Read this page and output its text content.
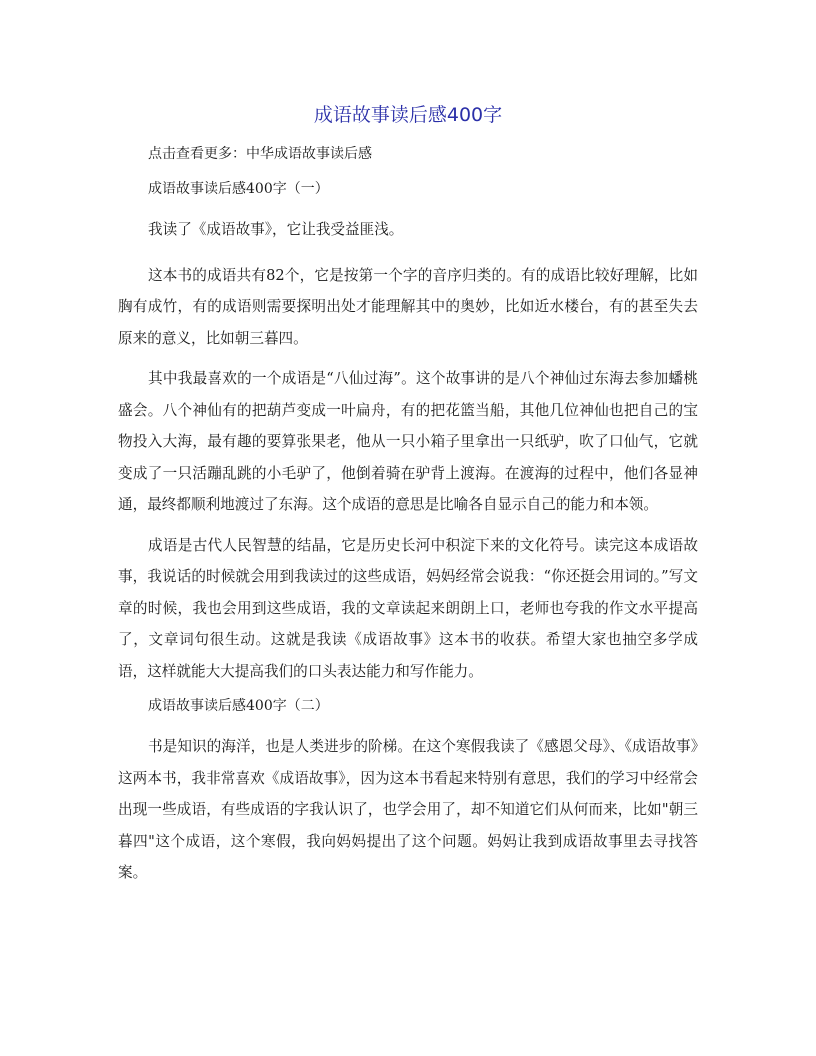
成语故事读后感400字
点击查看更多：中华成语故事读后感
成语故事读后感400字（一）

我读了《成语故事》，它让我受益匪浅。

这本书的成语共有82个，它是按第一个字的音序归类的。有的成语比较好理解，比如胸有成竹，有的成语则需要探明出处才能理解其中的奥妙，比如近水楼台，有的甚至失去原来的意义，比如朝三暮四。

其中我最喜欢的一个成语是“八仙过海”。这个故事讲的是八个神仙过东海去参加蟠桃盛会。八个神仙有的把葫芦变成一叶扁舟，有的把花篮当船，其他几位神仙也把自己的宝物投入大海，最有趣的要算张果老，他从一只小箱子里拿出一只纸驴，吹了口仙气，它就变成了一只活蹦乱跳的小毛驴了，他倒着骑在驴背上渡海。在渡海的过程中，他们各显神通，最终都顺利地渡过了东海。这个成语的意思是比喻各自显示自己的能力和本领。

成语是古代人民智慧的结晶，它是历史长河中积淀下来的文化符号。读完这本成语故事，我说话的时候就会用到我读过的这些成语，妈妈经常会说我：“你还挺会用词的。”写文章的时候，我也会用到这些成语，我的文章读起来朗朗上口，老师也夸我的作文水平提高了，文章词句很生动。这就是我读《成语故事》这本书的收获。希望大家也抽空多学成语，这样就能大大提高我们的口头表达能力和写作能力。

成语故事读后感400字（二）

书是知识的海洋，也是人类进步的阶梯。在这个寒假我读了《感恩父母》、《成语故事》这两本书，我非常喜欢《成语故事》，因为这本书看起来特别有意思，我们的学习中经常会出现一些成语，有些成语的字我认识了，也学会用了，却不知道它们从何而来，比如"朝三暮四"这个成语，这个寒假，我向妈妈提出了这个问题。妈妈让我到成语故事里去寻找答案。
